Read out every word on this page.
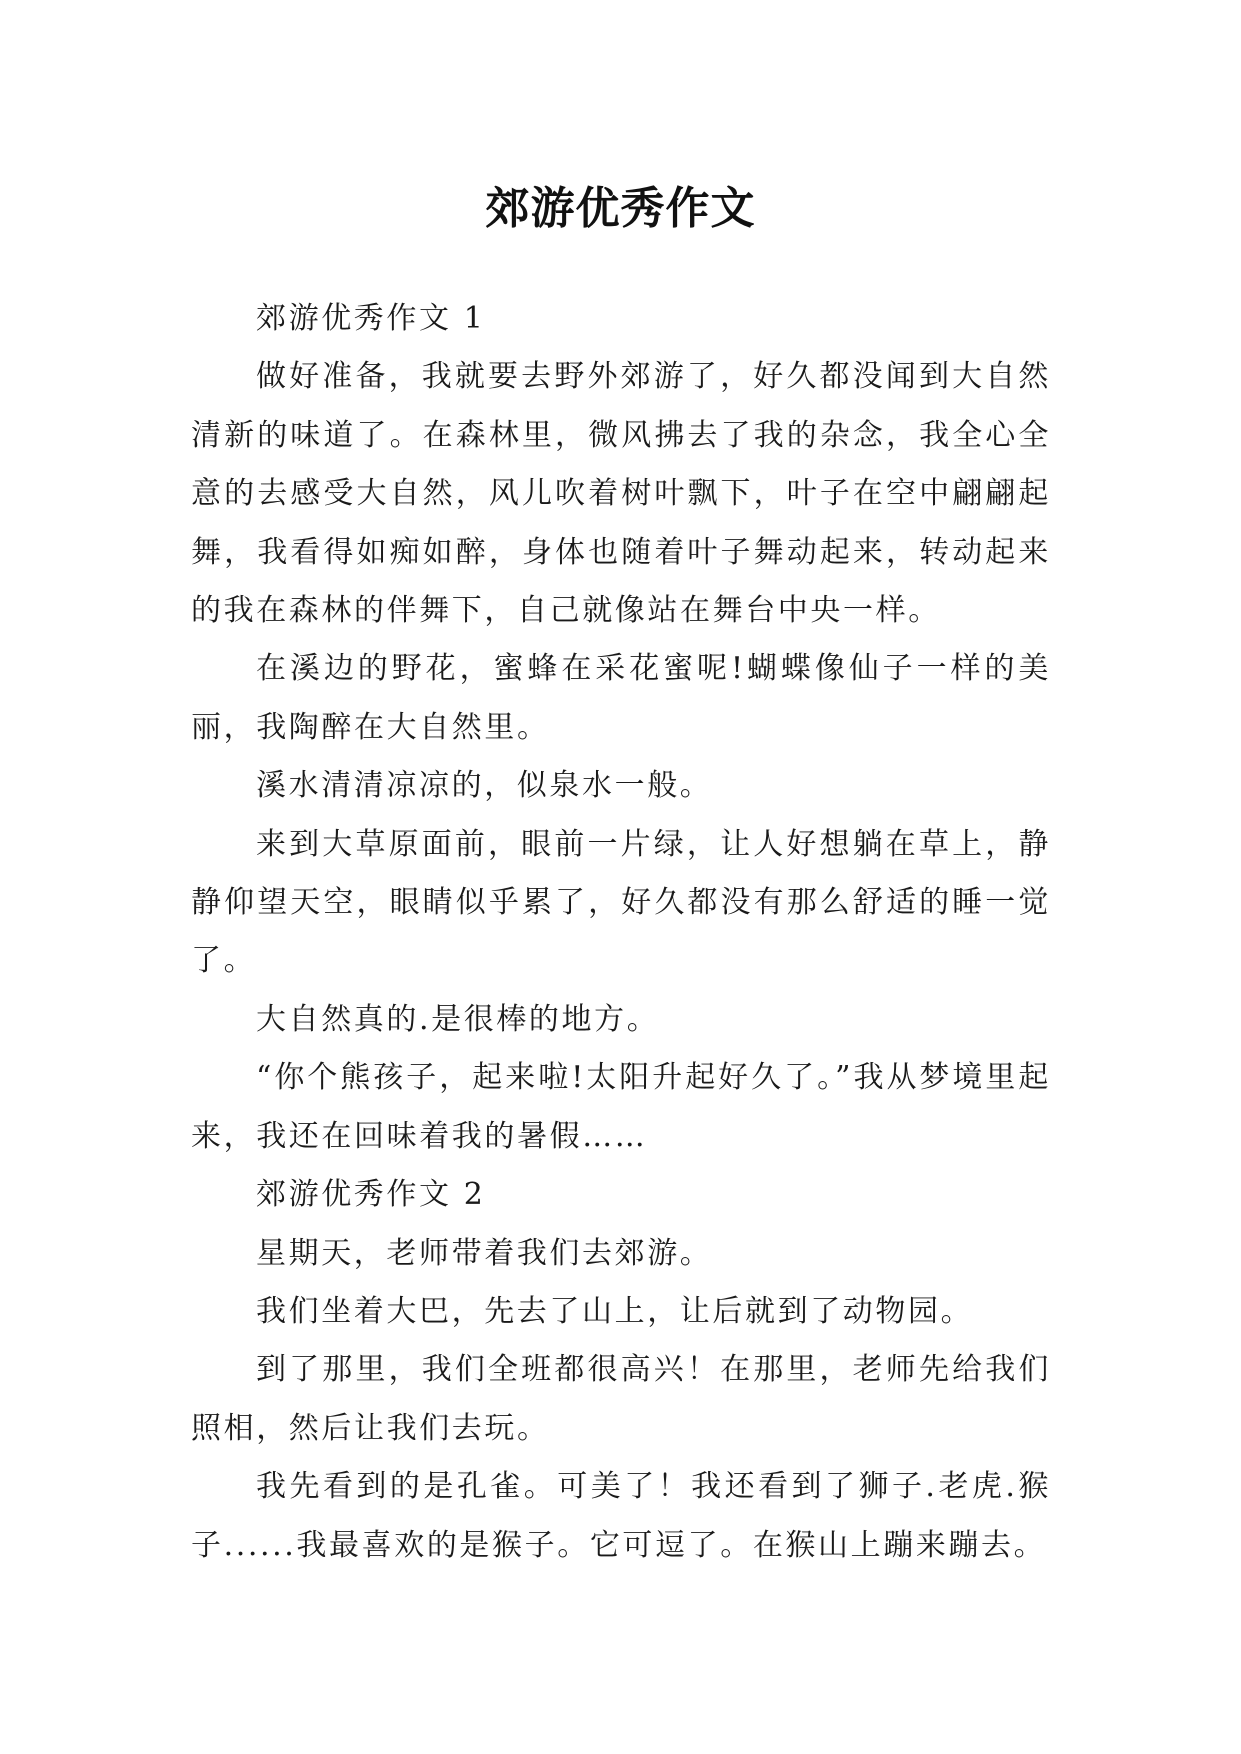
郊游优秀作文

郊游优秀作文 1

做好准备，我就要去野外郊游了，好久都没闻到大自然清新的味道了。在森林里，微风拂去了我的杂念，我全心全意的去感受大自然，风儿吹着树叶飘下，叶子在空中翩翩起舞，我看得如痴如醉，身体也随着叶子舞动起来，转动起来的我在森林的伴舞下，自己就像站在舞台中央一样。

在溪边的野花，蜜蜂在采花蜜呢!蝴蝶像仙子一样的美丽，我陶醉在大自然里。

溪水清清凉凉的，似泉水一般。

来到大草原面前，眼前一片绿，让人好想躺在草上，静静仰望天空，眼睛似乎累了，好久都没有那么舒适的睡一觉了。

大自然真的.是很棒的地方。

“你个熊孩子，起来啦!太阳升起好久了。”我从梦境里起来，我还在回味着我的暑假……

郊游优秀作文 2

星期天，老师带着我们去郊游。

我们坐着大巴，先去了山上，让后就到了动物园。

到了那里，我们全班都很高兴！在那里，老师先给我们照相，然后让我们去玩。

我先看到的是孔雀。可美了！我还看到了狮子.老虎.猴子......我最喜欢的是猴子。它可逗了。在猴山上蹦来蹦去。
